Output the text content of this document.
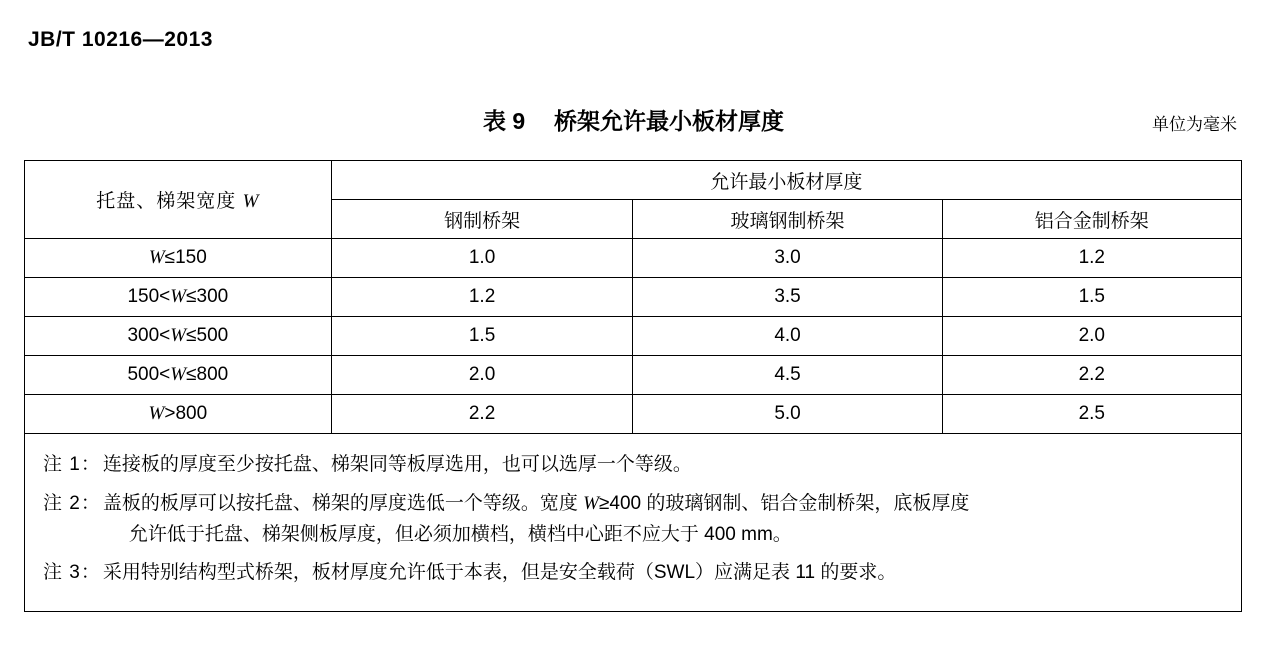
JB/T 10216—2013
表 9 桥架允许最小板材厚度	单位为毫米
托盘、梯架宽度 W	允许最小板材厚度		
	钢制桥架	玻璃钢制桥架	铝合金制桥架
W≤150	1.0	3.0	1.2
150<W≤300	1.2	3.5	1.5
300<W≤500	1.5	4.0	2.0
500<W≤800	2.0	4.5	2.2
W>800	2.2	5.0	2.5
注 1： 连接板的厚度至少按托盘、梯架同等板厚选用，也可以选厚一个等级。
注 2： 盖板的板厚可以按托盘、梯架的厚度选低一个等级。宽度 W≥400 的玻璃钢制、铝合金制桥架，底板厚度
允许低于托盘、梯架侧板厚度，但必须加横档，横档中心距不应大于 400 mm。
注 3： 采用特别结构型式桥架，板材厚度允许低于本表，但是安全载荷（SWL）应满足表 11 的要求。
